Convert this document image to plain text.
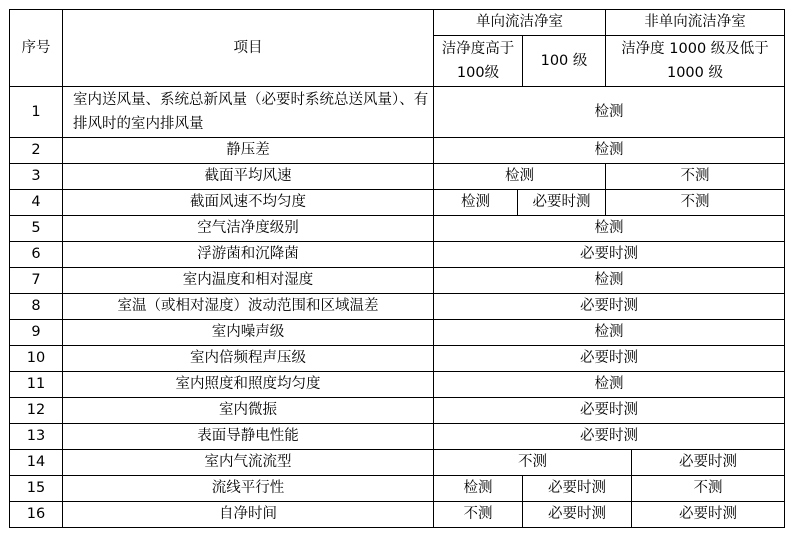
序号	项目	单向流洁净室			非单向流洁净室	
		洁净度高于100级		100 级	洁净度 1000 级及低于 1000 级	

1	室内送风量、系统总新风量（必要时系统总送风量）、有排风时的室内排风量	检测				
2	静压差	检测				
3	截面平均风速	检测			不测	
4	截面风速不均匀度	检测	必要时测		不测	
5	空气洁净度级别	检测				
6	浮游菌和沉降菌	必要时测				
7	室内温度和相对湿度	检测				
8	室温（或相对湿度）波动范围和区域温差	必要时测				
9	室内噪声级	检测				
10	室内倍频程声压级	必要时测				
11	室内照度和照度均匀度	检测				
12	室内微振	必要时测				
13	表面导静电性能	必要时测				
14	室内气流流型	不测				必要时测
15	流线平行性	检测		必要时测		不测
16	自净时间	不测		必要时测		必要时测
